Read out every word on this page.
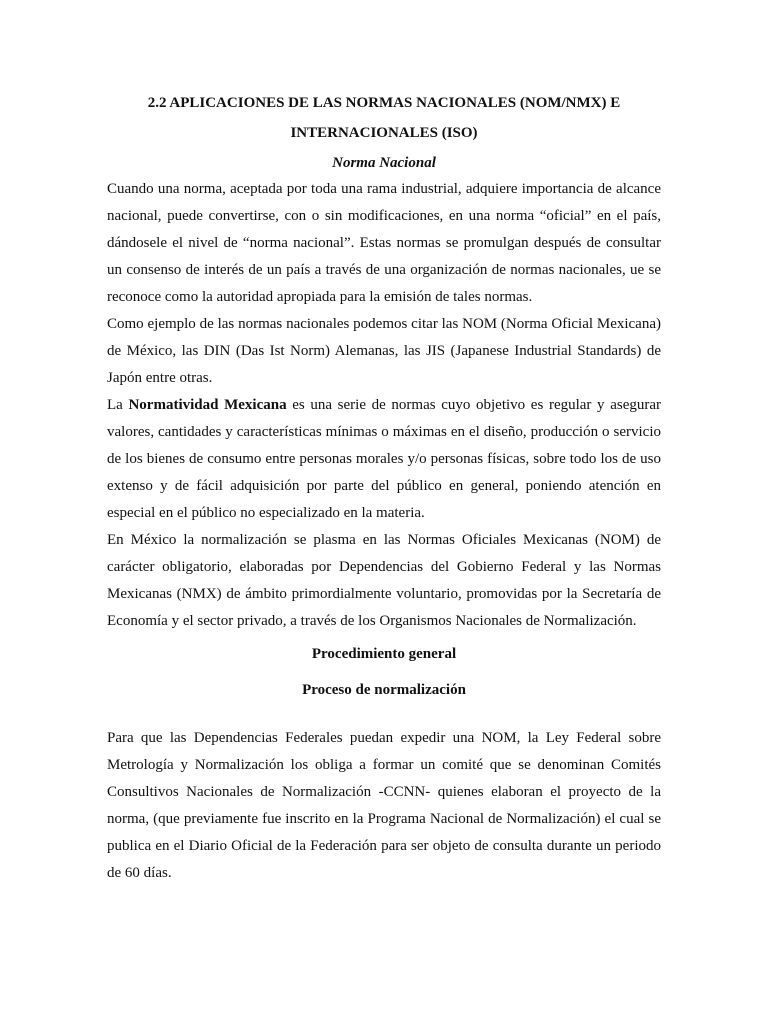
2.2 APLICACIONES DE LAS NORMAS NACIONALES (NOM/NMX) E INTERNACIONALES (ISO)

Norma Nacional

Cuando una norma, aceptada por toda una rama industrial, adquiere importancia de alcance nacional, puede convertirse, con o sin modificaciones, en una norma “oficial” en el país, dándosele el nivel de “norma nacional”. Estas normas se promulgan después de consultar un consenso de interés de un país a través de una organización de normas nacionales, ue se reconoce como la autoridad apropiada para la emisión de tales normas.

Como ejemplo de las normas nacionales podemos citar las NOM (Norma Oficial Mexicana) de México, las DIN (Das Ist Norm) Alemanas, las JIS (Japanese Industrial Standards) de Japón entre otras.

La Normatividad Mexicana es una serie de normas cuyo objetivo es regular y asegurar valores, cantidades y características mínimas o máximas en el diseño, producción o servicio de los bienes de consumo entre personas morales y/o personas físicas, sobre todo los de uso extenso y de fácil adquisición por parte del público en general, poniendo atención en especial en el público no especializado en la materia.

En México la normalización se plasma en las Normas Oficiales Mexicanas (NOM) de carácter obligatorio, elaboradas por Dependencias del Gobierno Federal y las Normas Mexicanas (NMX) de ámbito primordialmente voluntario, promovidas por la Secretaría de Economía y el sector privado, a través de los Organismos Nacionales de Normalización.

Procedimiento general

Proceso de normalización

Para que las Dependencias Federales puedan expedir una NOM, la Ley Federal sobre Metrología y Normalización los obliga a formar un comité que se denominan Comités Consultivos Nacionales de Normalización -CCNN- quienes elaboran el proyecto de la norma, (que previamente fue inscrito en la Programa Nacional de Normalización) el cual se publica en el Diario Oficial de la Federación para ser objeto de consulta durante un periodo de 60 días.
